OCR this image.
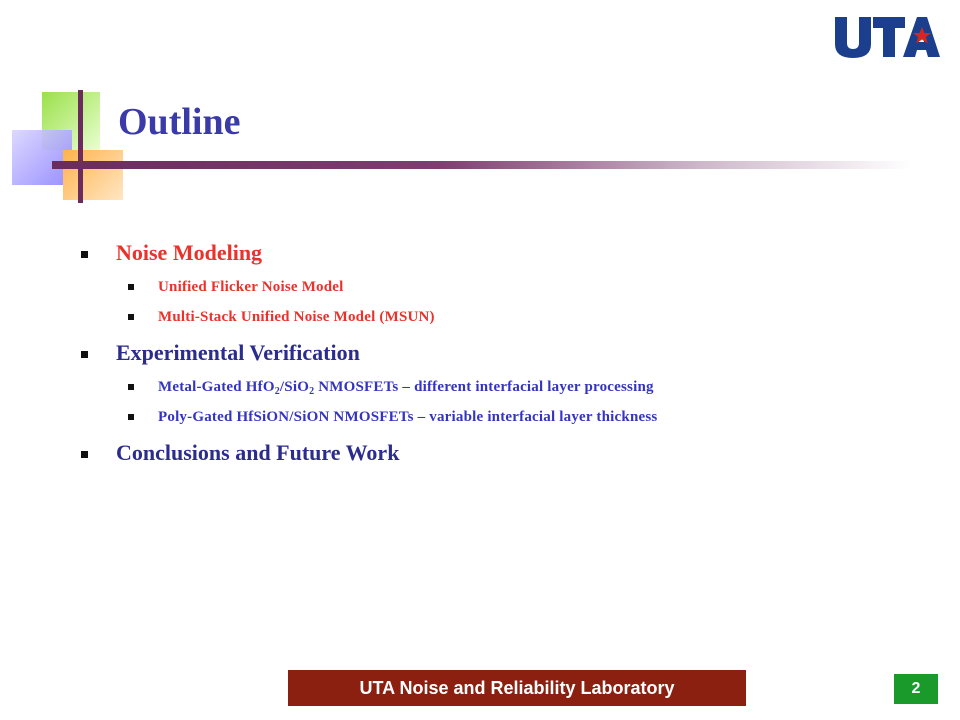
Outline
Noise Modeling
Unified Flicker Noise Model
Multi-Stack Unified Noise Model (MSUN)
Experimental Verification
Metal-Gated HfO$_2$/SiO$_2$ NMOSFETs – different interfacial layer processing
Poly-Gated HfSiON/SiON NMOSFETs – variable interfacial layer thickness
Conclusions and Future Work
UTA Noise and Reliability Laboratory	2
